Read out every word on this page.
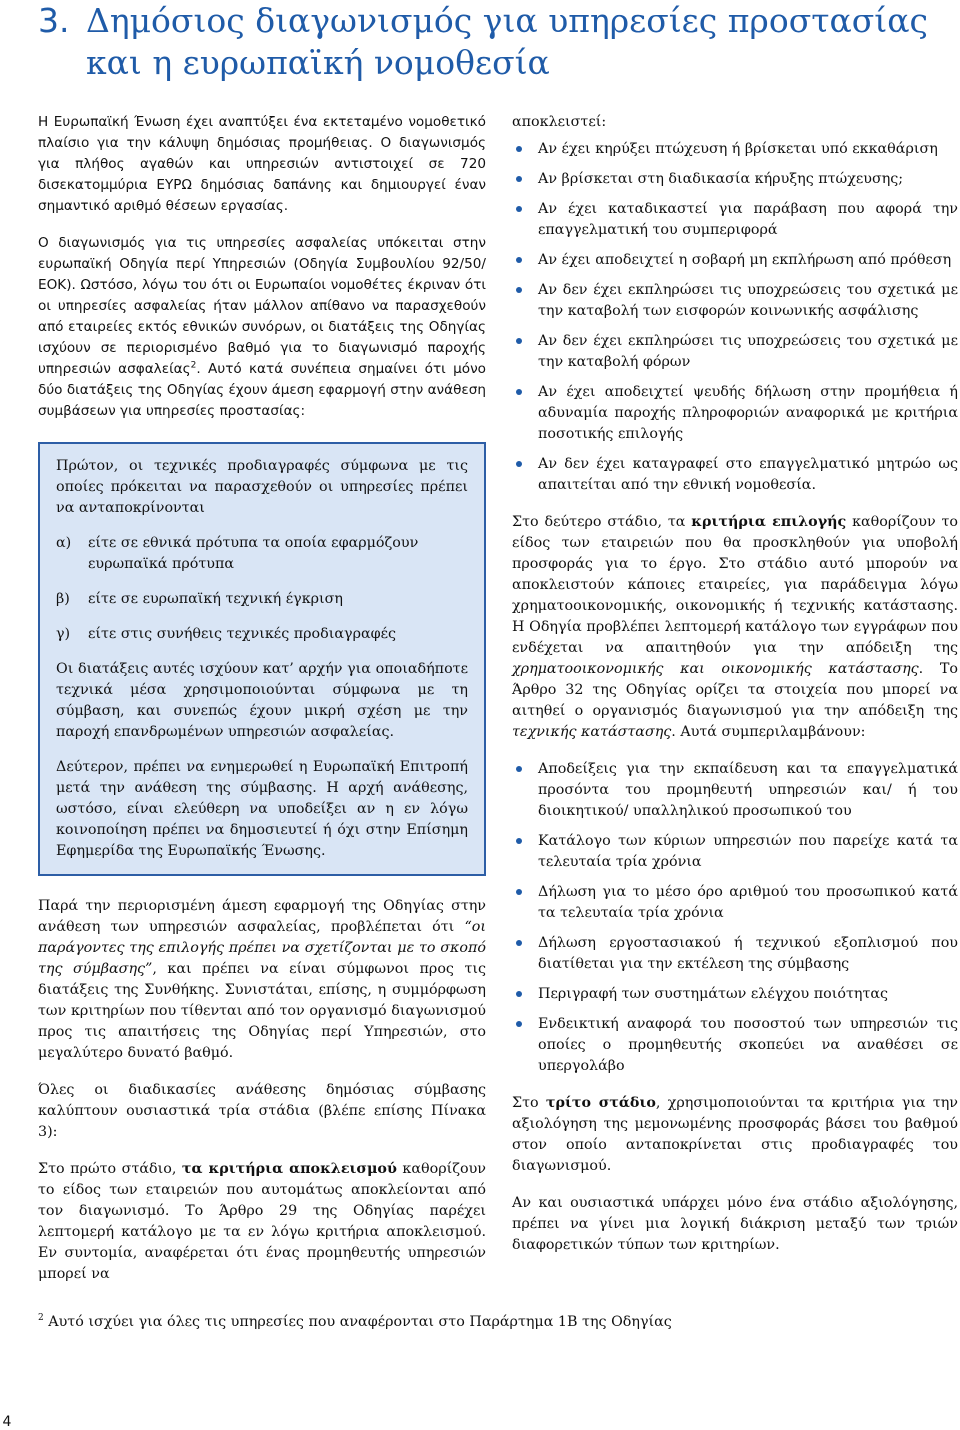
3. Δημόσιος διαγωνισμός για υπηρεσίες προστασίας
και η ευρωπαϊκή νομοθεσία

Η Ευρωπαϊκή Ένωση έχει αναπτύξει ένα εκτεταμένο νομοθετικό πλαίσιο για την κάλυψη δημόσιας προμήθειας. Ο διαγωνισμός για πλήθος αγαθών και υπηρεσιών αντιστοιχεί σε 720 δισεκατομμύρια ΕΥΡΩ δημόσιας δαπάνης και δημιουργεί έναν σημαντικό αριθμό θέσεων εργασίας.

Ο διαγωνισμός για τις υπηρεσίες ασφαλείας υπόκειται στην ευρωπαϊκή Οδηγία περί Υπηρεσιών (Οδηγία Συμβουλίου 92/50/ΕΟΚ). Ωστόσο, λόγω του ότι οι Ευρωπαίοι νομοθέτες έκριναν ότι οι υπηρεσίες ασφαλείας ήταν μάλλον απίθανο να παρασχεθούν από εταιρείες εκτός εθνικών συνόρων, οι διατάξεις της Οδηγίας ισχύουν σε περιορισμένο βαθμό για το διαγωνισμό παροχής υπηρεσιών ασφαλείας$^2$. Αυτό κατά συνέπεια σημαίνει ότι μόνο δύο διατάξεις της Οδηγίας έχουν άμεση εφαρμογή στην ανάθεση συμβάσεων για υπηρεσίες προστασίας:

Πρώτον, οι τεχνικές προδιαγραφές σύμφωνα με τις οποίες πρόκειται να παρασχεθούν οι υπηρεσίες πρέπει να ανταποκρίνονται

α)	είτε σε εθνικά πρότυπα τα οποία εφαρμόζουν ευρωπαϊκά πρότυπα
β)	είτε σε ευρωπαϊκή τεχνική έγκριση
γ)	είτε στις συνήθεις τεχνικές προδιαγραφές

Οι διατάξεις αυτές ισχύουν κατ’ αρχήν για οποιαδήποτε τεχνικά μέσα χρησιμοποιούνται σύμφωνα με τη σύμβαση, και συνεπώς έχουν μικρή σχέση με την παροχή επανδρωμένων υπηρεσιών ασφαλείας.

Δεύτερον, πρέπει να ενημερωθεί η Ευρωπαϊκή Επιτροπή μετά την ανάθεση της σύμβασης. Η αρχή ανάθεσης, ωστόσο, είναι ελεύθερη να υποδείξει αν η εν λόγω κοινοποίηση πρέπει να δημοσιευτεί ή όχι στην Επίσημη Εφημερίδα της Ευρωπαϊκής Ένωσης.

Παρά την περιορισμένη άμεση εφαρμογή της Οδηγίας στην ανάθεση των υπηρεσιών ασφαλείας, προβλέπεται ότι “οι παράγοντες της επιλογής πρέπει να σχετίζονται με το σκοπό της σύμβασης”, και πρέπει να είναι σύμφωνοι προς τις διατάξεις της Συνθήκης. Συνιστάται, επίσης, η συμμόρφωση των κριτηρίων που τίθενται από τον οργανισμό διαγωνισμού προς τις απαιτήσεις της Οδηγίας περί Υπηρεσιών, στο μεγαλύτερο δυνατό βαθμό.

Όλες οι διαδικασίες ανάθεσης δημόσιας σύμβασης καλύπτουν ουσιαστικά τρία στάδια (βλέπε επίσης Πίνακα 3):

Στο πρώτο στάδιο, τα κριτήρια αποκλεισμού καθορίζουν το είδος των εταιρειών που αυτομάτως αποκλείονται από τον διαγωνισμό. Το Άρθρο 29 της Οδηγίας παρέχει λεπτομερή κατάλογο με τα εν λόγω κριτήρια αποκλεισμού. Εν συντομία, αναφέρεται ότι ένας προμηθευτής υπηρεσιών μπορεί να

αποκλειστεί:

Αν έχει κηρύξει πτώχευση ή βρίσκεται υπό εκκαθάριση
Αν βρίσκεται στη διαδικασία κήρυξης πτώχευσης;
Αν έχει καταδικαστεί για παράβαση που αφορά την επαγγελματική του συμπεριφορά
Αν έχει αποδειχτεί η σοβαρή μη εκπλήρωση από πρόθεση
Αν δεν έχει εκπληρώσει τις υποχρεώσεις του σχετικά με την καταβολή των εισφορών κοινωνικής ασφάλισης
Αν δεν έχει εκπληρώσει τις υποχρεώσεις του σχετικά με την καταβολή φόρων
Αν έχει αποδειχτεί ψευδής δήλωση στην προμήθεια ή αδυναμία παροχής πληροφοριών αναφορικά με κριτήρια ποσοτικής επιλογής
Αν δεν έχει καταγραφεί στο επαγγελματικό μητρώο ως απαιτείται από την εθνική νομοθεσία.

Στο δεύτερο στάδιο, τα κριτήρια επιλογής καθορίζουν το είδος των εταιρειών που θα προσκληθούν για υποβολή προσφοράς για το έργο. Στο στάδιο αυτό μπορούν να αποκλειστούν κάποιες εταιρείες, για παράδειγμα λόγω χρηματοοικονομικής, οικονομικής ή τεχνικής κατάστασης. Η Οδηγία προβλέπει λεπτομερή κατάλογο των εγγράφων που ενδέχεται να απαιτηθούν για την απόδειξη της χρηματοοικονομικής και οικονομικής κατάστασης. Το Άρθρο 32 της Οδηγίας ορίζει τα στοιχεία που μπορεί να αιτηθεί ο οργανισμός διαγωνισμού για την απόδειξη της τεχνικής κατάστασης. Αυτά συμπεριλαμβάνουν:

Αποδείξεις για την εκπαίδευση και τα επαγγελματικά προσόντα του προμηθευτή υπηρεσιών και/ ή του διοικητικού/ υπαλληλικού προσωπικού του
Κατάλογο των κύριων υπηρεσιών που παρείχε κατά τα τελευταία τρία χρόνια
Δήλωση για το μέσο όρο αριθμού του προσωπικού κατά τα τελευταία τρία χρόνια
Δήλωση εργοστασιακού ή τεχνικού εξοπλισμού που διατίθεται για την εκτέλεση της σύμβασης
Περιγραφή των συστημάτων ελέγχου ποιότητας
Ενδεικτική αναφορά του ποσοστού των υπηρεσιών τις οποίες ο προμηθευτής σκοπεύει να αναθέσει σε υπεργολάβο

Στο τρίτο στάδιο, χρησιμοποιούνται τα κριτήρια για την αξιολόγηση της μεμονωμένης προσφοράς βάσει του βαθμού στον οποίο ανταποκρίνεται στις προδιαγραφές του διαγωνισμού.

Αν και ουσιαστικά υπάρχει μόνο ένα στάδιο αξιολόγησης, πρέπει να γίνει μια λογική διάκριση μεταξύ των τριών διαφορετικών τύπων των κριτηρίων.

$^2$ Αυτό ισχύει για όλες τις υπηρεσίες που αναφέρονται στο Παράρτημα 1Β της Οδηγίας
4
